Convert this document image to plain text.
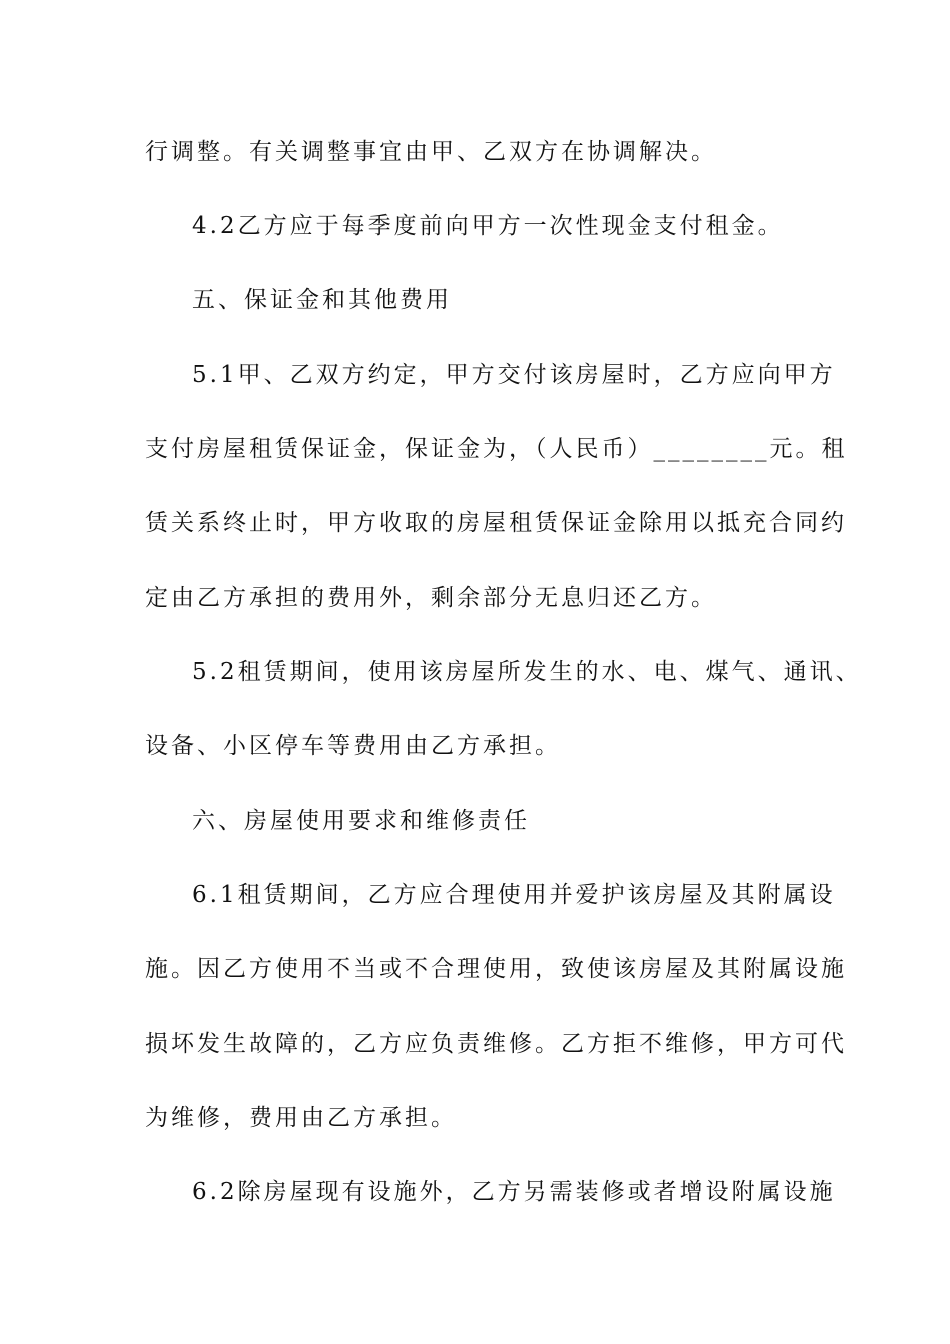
行调整。有关调整事宜由甲、乙双方在协调解决。
4.2乙方应于每季度前向甲方一次性现金支付租金。
五、保证金和其他费用
5.1甲、乙双方约定，甲方交付该房屋时，乙方应向甲方
支付房屋租赁保证金，保证金为，（人民币）________元。租
赁关系终止时，甲方收取的房屋租赁保证金除用以抵充合同约
定由乙方承担的费用外，剩余部分无息归还乙方。
5.2租赁期间，使用该房屋所发生的水、电、煤气、通讯、
设备、小区停车等费用由乙方承担。
六、房屋使用要求和维修责任
6.1租赁期间，乙方应合理使用并爱护该房屋及其附属设
施。因乙方使用不当或不合理使用，致使该房屋及其附属设施
损坏发生故障的，乙方应负责维修。乙方拒不维修，甲方可代
为维修，费用由乙方承担。
6.2除房屋现有设施外，乙方另需装修或者增设附属设施
